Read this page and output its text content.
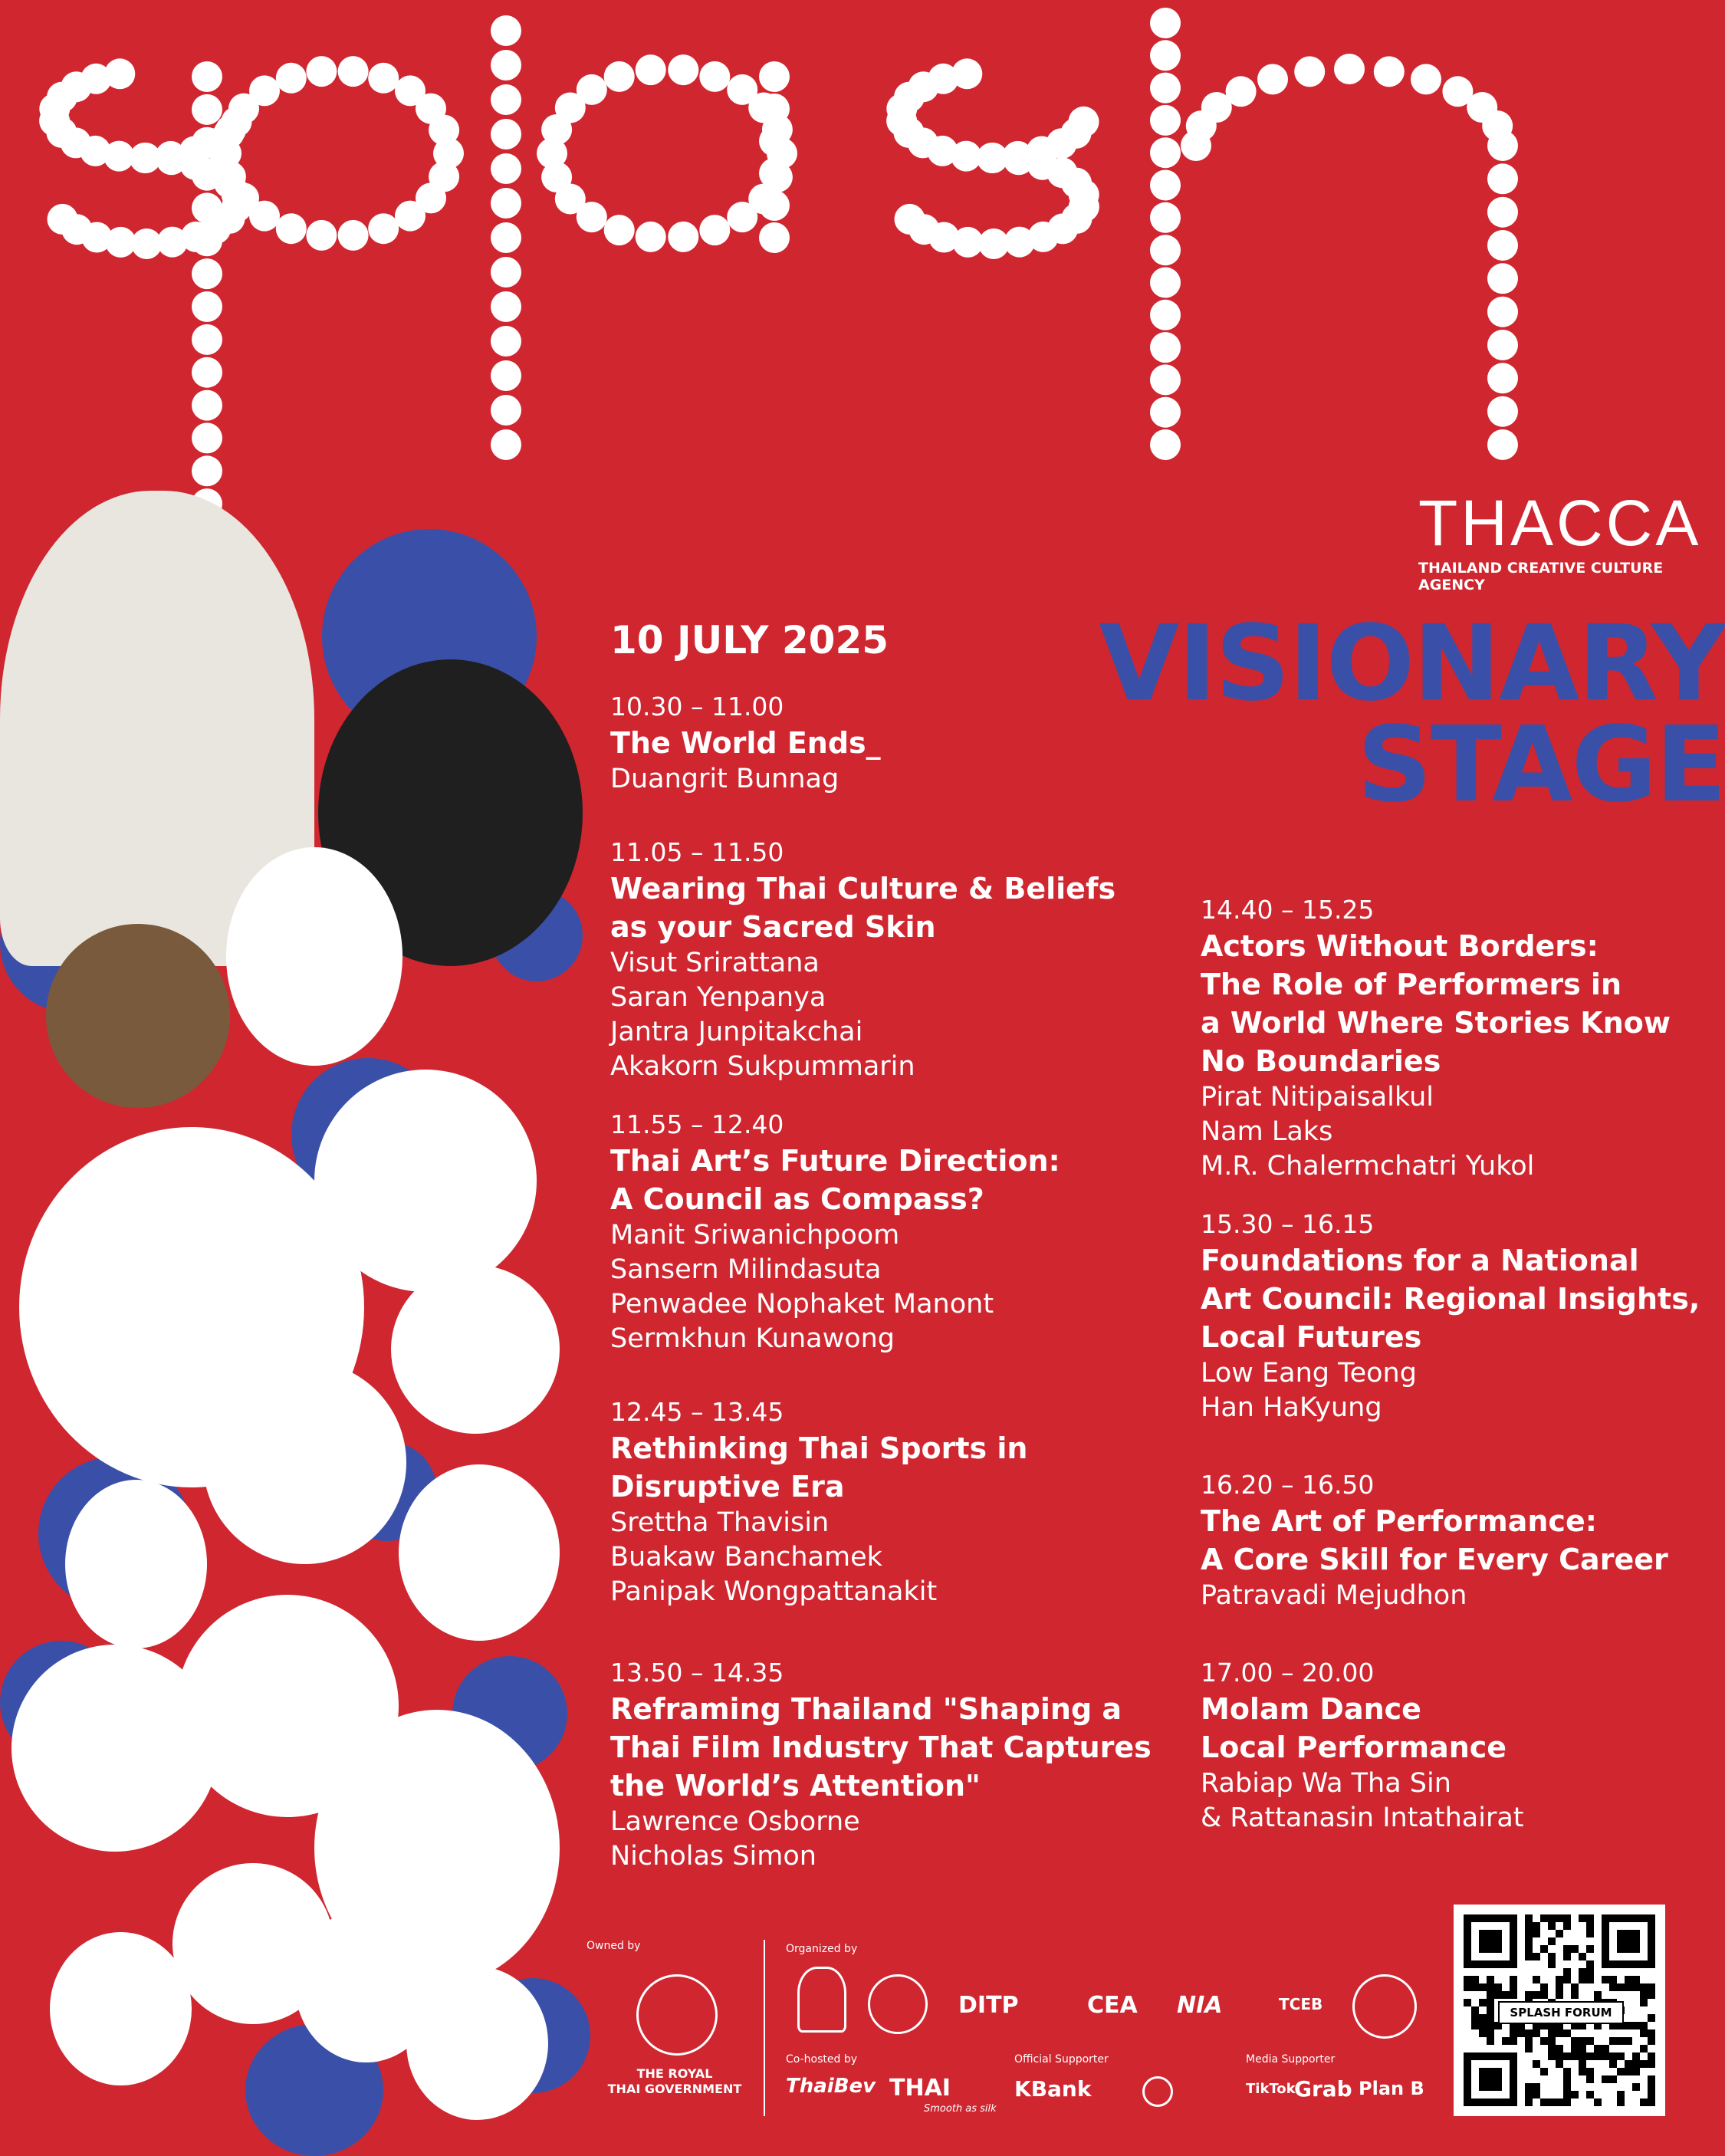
THACCA
THAILAND CREATIVE CULTURE AGENCY
10 JULY 2025	VISIONARY
STAGE
10.30 – 11.00
The World Ends_
Duangrit Bunnag
11.05 – 11.50
Wearing Thai Culture & Beliefs
as your Sacred Skin
Visut Srirattana
Saran Yenpanya
Jantra Junpitakchai
Akakorn Sukpummarin
11.55 – 12.40
Thai Art’s Future Direction:
A Council as Compass?
Manit Sriwanichpoom
Sansern Milindasuta
Penwadee Nophaket Manont
Sermkhun Kunawong
12.45 – 13.45
Rethinking Thai Sports in
Disruptive Era
Srettha Thavisin
Buakaw Banchamek
Panipak Wongpattanakit
13.50 – 14.35
Reframing Thailand "Shaping a
Thai Film Industry That Captures
the World’s Attention"
Lawrence Osborne
Nicholas Simon
14.40 – 15.25
Actors Without Borders:
The Role of Performers in
a World Where Stories Know
No Boundaries
Pirat Nitipaisalkul
Nam Laks
M.R. Chalermchatri Yukol
15.30 – 16.15
Foundations for a National
Art Council: Regional Insights,
Local Futures
Low Eang Teong
Han HaKyung
16.20 – 16.50
The Art of Performance:
A Core Skill for Every Career
Patravadi Mejudhon
17.00 – 20.00
Molam Dance
Local Performance
Rabiap Wa Tha Sin
& Rattanasin Intathairat
Owned by
THE ROYAL
THAI GOVERNMENT
Organized by
DITP	CEA NIA	TCEB
Co-hosted by
ThaiBev THAI
Smooth as silk
Official Supporter
KBank
Media Supporter
TikTok
Grab Plan B
SPLASH FORUM
